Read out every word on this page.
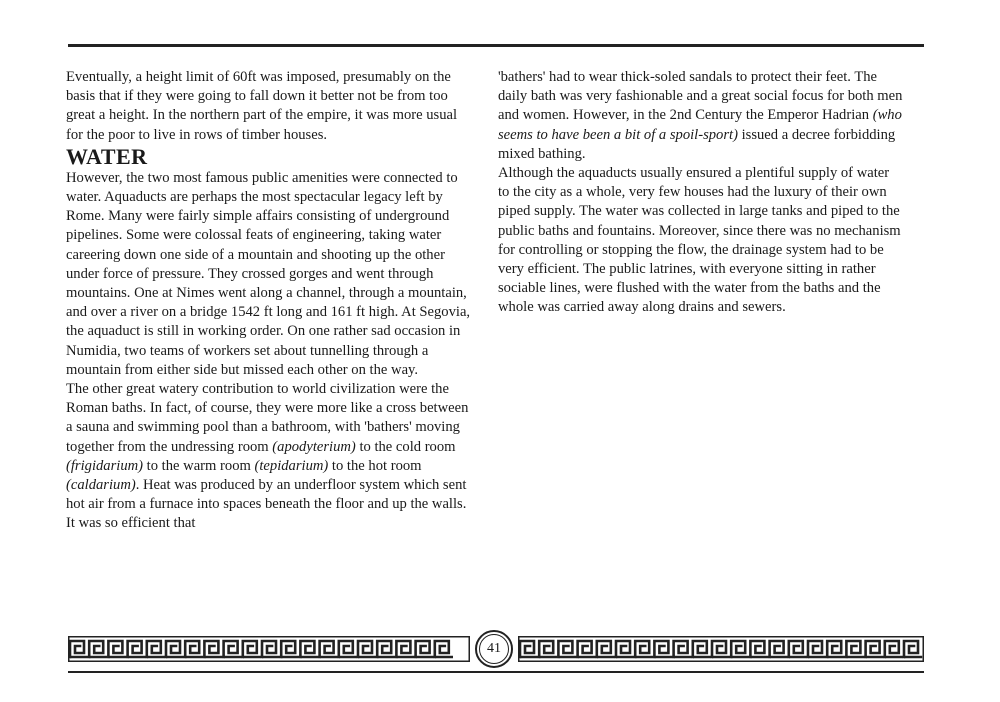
Eventually, a height limit of 60ft was imposed, presumably on the basis that if they were going to fall down it better not be from too great a height. In the northern part of the empire, it was more usual for the poor to live in rows of timber houses.

WATER

However, the two most famous public amenities were connected to water. Aquaducts are perhaps the most spectacular legacy left by Rome. Many were fairly simple affairs consisting of underground pipelines. Some were colossal feats of engineering, taking water careering down one side of a mountain and shooting up the other under force of pressure. They crossed gorges and went through mountains. One at Nimes went along a channel, through a mountain, and over a river on a bridge 1542 ft long and 161 ft high. At Segovia, the aquaduct is still in working order. On one rather sad occasion in Numidia, two teams of workers set about tunnelling through a mountain from either side but missed each other on the way.

The other great watery contribution to world civilization were the Roman baths. In fact, of course, they were more like a cross between a sauna and swimming pool than a bathroom, with 'bathers' moving together from the undressing room (apodyterium) to the cold room (frigidarium) to the warm room (tepidarium) to the hot room (caldarium). Heat was produced by an underfloor system which sent hot air from a furnace into spaces beneath the floor and up the walls. It was so efficient that

'bathers' had to wear thick-soled sandals to protect their feet. The daily bath was very fashionable and a great social focus for both men and women. However, in the 2nd Century the Emperor Hadrian (who seems to have been a bit of a spoil-sport) issued a decree forbidding mixed bathing.

Although the aquaducts usually ensured a plentiful supply of water to the city as a whole, very few houses had the luxury of their own piped supply. The water was collected in large tanks and piped to the public baths and fountains. Moreover, since there was no mechanism for controlling or stopping the flow, the drainage system had to be very efficient. The public latrines, with everyone sitting in rather sociable lines, were flushed with the water from the baths and the whole was carried away along drains and sewers.

41
